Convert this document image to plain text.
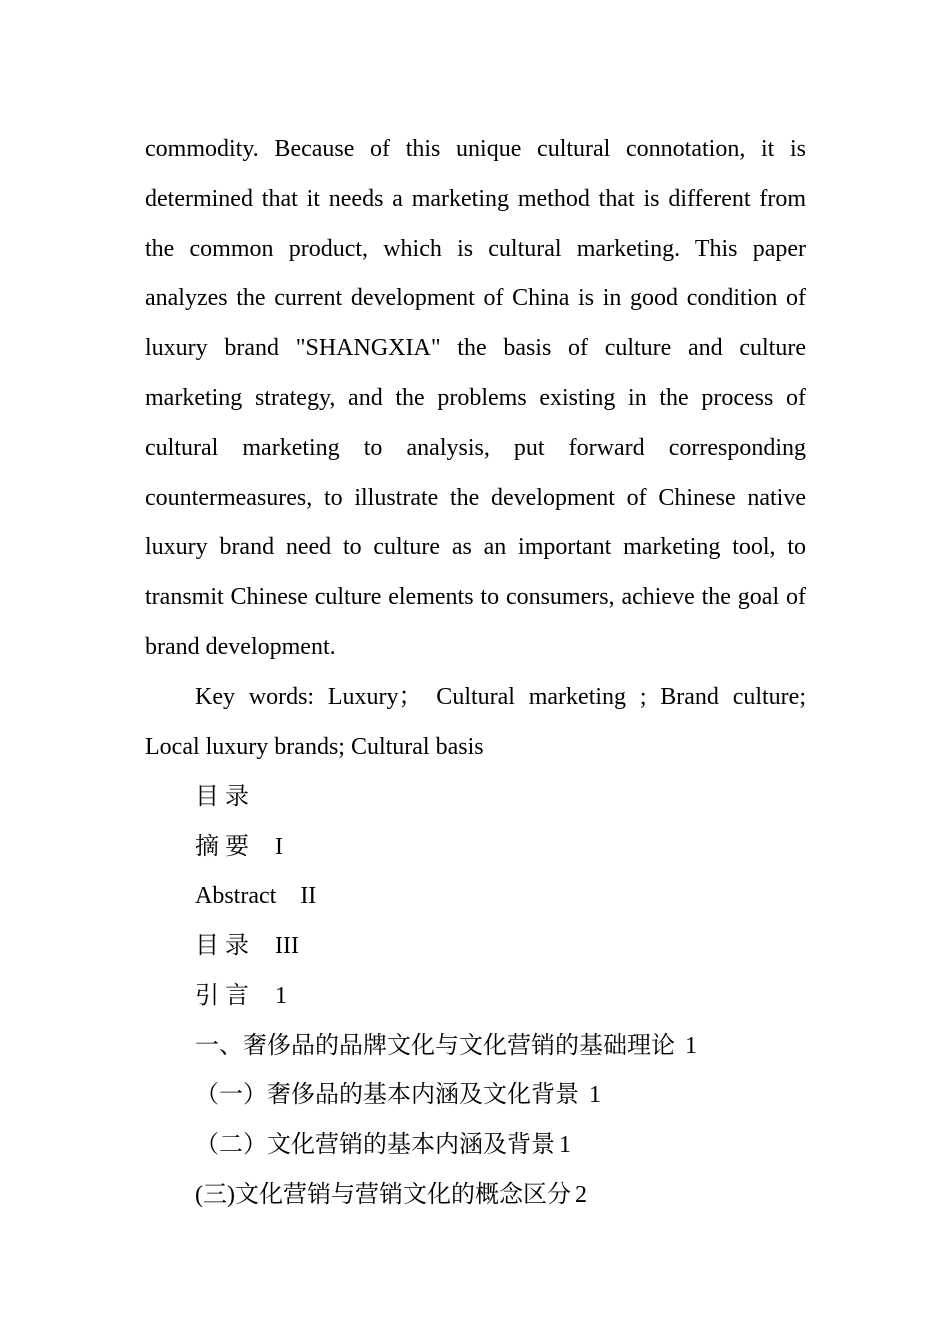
commodity. Because of this unique cultural connotation, it is determined that it needs a marketing method that is different from the common product, which is cultural marketing. This paper analyzes the current development of China is in good condition of luxury brand "SHANGXIA" the basis of culture and culture marketing strategy, and the problems existing in the process of cultural marketing to analysis, put forward corresponding countermeasures, to illustrate the development of Chinese native luxury brand need to culture as an important marketing tool, to transmit Chinese culture elements to consumers, achieve the goal of brand development.

Key words: Luxury； Cultural marketing ; Brand culture; Local luxury brands; Cultural basis

目 录
摘 要 I
Abstract II
目 录 III
引 言 1
一、奢侈品的品牌文化与文化营销的基础理论 1
（一）奢侈品的基本内涵及文化背景 1
（二）文化营销的基本内涵及背景 1
(三)文化营销与营销文化的概念区分 2
